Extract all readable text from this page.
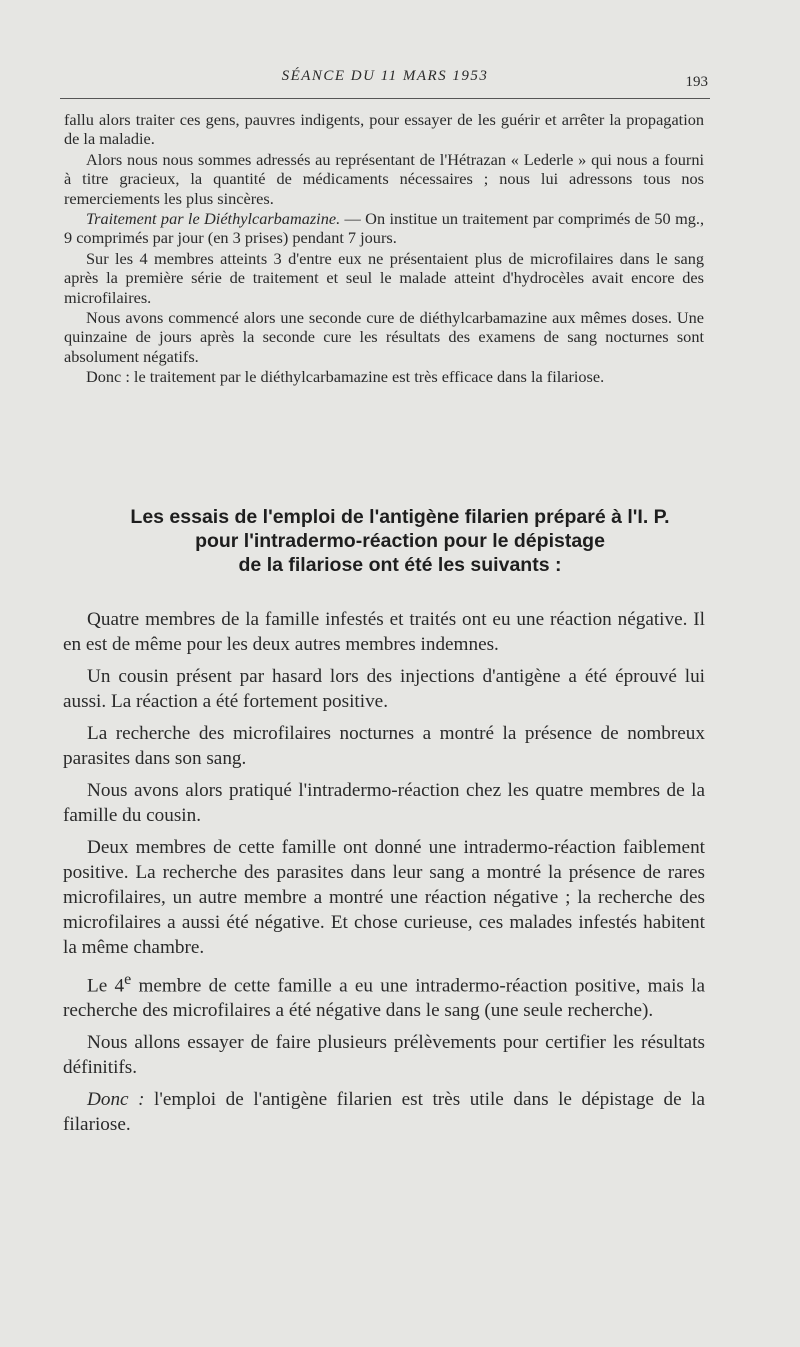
SÉANCE DU 11 MARS 1953	193

fallu alors traiter ces gens, pauvres indigents, pour essayer de les guérir et arrêter la propagation de la maladie.

Alors nous nous sommes adressés au représentant de l'Hétrazan « Lederle » qui nous a fourni à titre gracieux, la quantité de médicaments nécessaires ; nous lui adressons tous nos remerciements les plus sincères.

Traitement par le Diéthylcarbamazine. — On institue un traitement par comprimés de 50 mg., 9 comprimés par jour (en 3 prises) pendant 7 jours.

Sur les 4 membres atteints 3 d'entre eux ne présentaient plus de microfilaires dans le sang après la première série de traitement et seul le malade atteint d'hydrocèles avait encore des microfilaires.

Nous avons commencé alors une seconde cure de diéthylcarbamazine aux mêmes doses. Une quinzaine de jours après la seconde cure les résultats des examens de sang nocturnes sont absolument négatifs.

Donc : le traitement par le diéthylcarbamazine est très efficace dans la filariose.

Les essais de l'emploi de l'antigène filarien préparé à l'I. P.
pour l'intradermo-réaction pour le dépistage
de la filariose ont été les suivants :

Quatre membres de la famille infestés et traités ont eu une réaction négative. Il en est de même pour les deux autres membres indemnes.

Un cousin présent par hasard lors des injections d'antigène a été éprouvé lui aussi. La réaction a été fortement positive.

La recherche des microfilaires nocturnes a montré la présence de nombreux parasites dans son sang.

Nous avons alors pratiqué l'intradermo-réaction chez les quatre membres de la famille du cousin.

Deux membres de cette famille ont donné une intradermo-réaction faiblement positive. La recherche des parasites dans leur sang a montré la présence de rares microfilaires, un autre membre a montré une réaction négative ; la recherche des microfilaires a aussi été négative. Et chose curieuse, ces malades infestés habitent la même chambre.

Le 4e membre de cette famille a eu une intradermo-réaction positive, mais la recherche des microfilaires a été négative dans le sang (une seule recherche).

Nous allons essayer de faire plusieurs prélèvements pour certifier les résultats définitifs.

Donc : l'emploi de l'antigène filarien est très utile dans le dépistage de la filariose.
